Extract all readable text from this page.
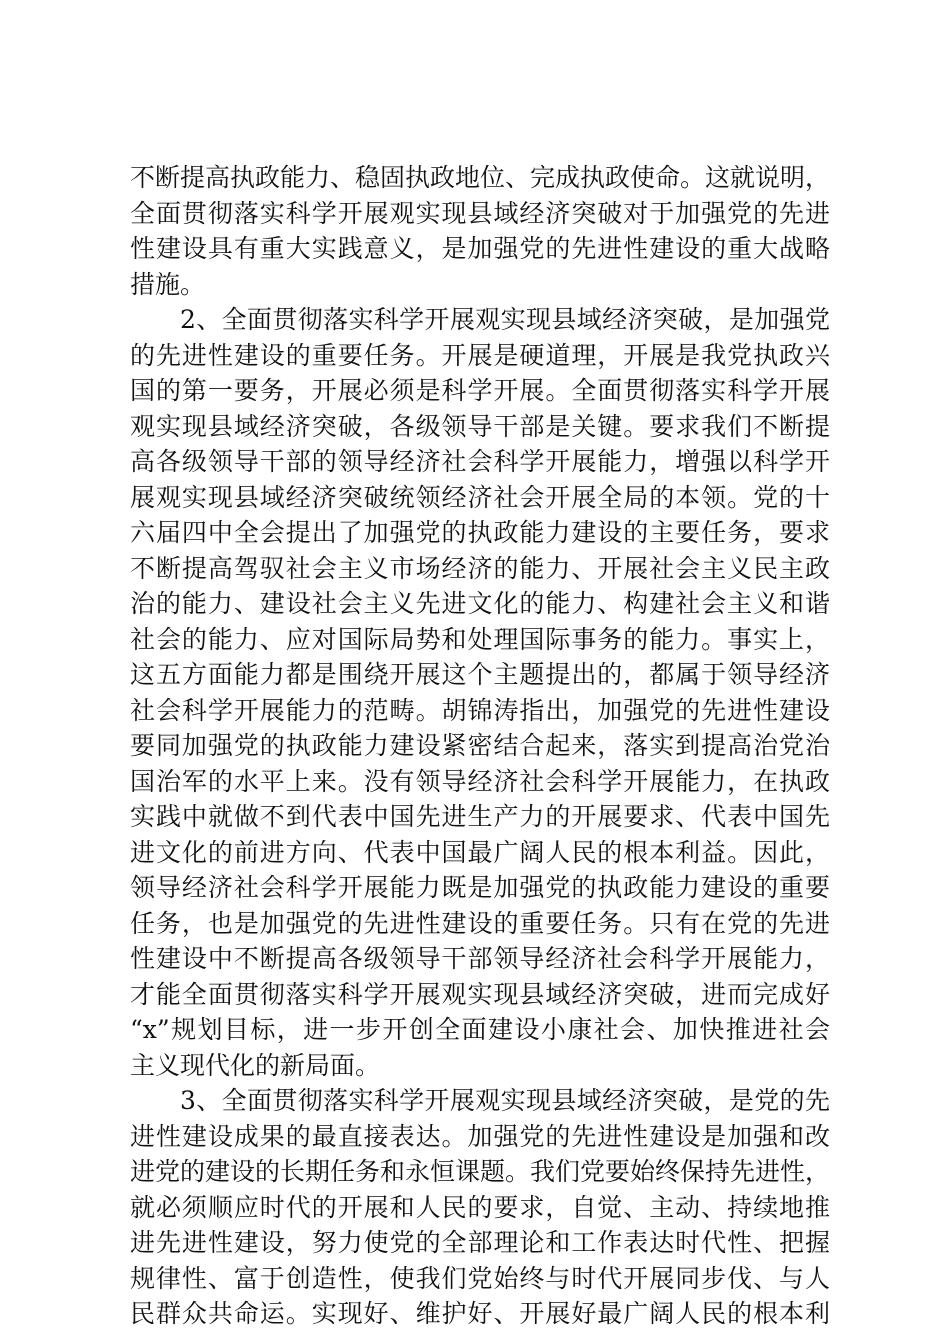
不断提高执政能力、稳固执政地位、完成执政使命。这就说明，
全面贯彻落实科学开展观实现县域经济突破对于加强党的先进
性建设具有重大实践意义，是加强党的先进性建设的重大战略
措施。
2、全面贯彻落实科学开展观实现县域经济突破，是加强党
的先进性建设的重要任务。开展是硬道理，开展是我党执政兴
国的第一要务，开展必须是科学开展。全面贯彻落实科学开展
观实现县域经济突破，各级领导干部是关键。要求我们不断提
高各级领导干部的领导经济社会科学开展能力，增强以科学开
展观实现县域经济突破统领经济社会开展全局的本领。党的十
六届四中全会提出了加强党的执政能力建设的主要任务，要求
不断提高驾驭社会主义市场经济的能力、开展社会主义民主政
治的能力、建设社会主义先进文化的能力、构建社会主义和谐
社会的能力、应对国际局势和处理国际事务的能力。事实上，
这五方面能力都是围绕开展这个主题提出的，都属于领导经济
社会科学开展能力的范畴。胡锦涛指出，加强党的先进性建设
要同加强党的执政能力建设紧密结合起来，落实到提高治党治
国治军的水平上来。没有领导经济社会科学开展能力，在执政
实践中就做不到代表中国先进生产力的开展要求、代表中国先
进文化的前进方向、代表中国最广阔人民的根本利益。因此，
领导经济社会科学开展能力既是加强党的执政能力建设的重要
任务，也是加强党的先进性建设的重要任务。只有在党的先进
性建设中不断提高各级领导干部领导经济社会科学开展能力，
才能全面贯彻落实科学开展观实现县域经济突破，进而完成好
“x”规划目标，进一步开创全面建设小康社会、加快推进社会
主义现代化的新局面。
3、全面贯彻落实科学开展观实现县域经济突破，是党的先
进性建设成果的最直接表达。加强党的先进性建设是加强和改
进党的建设的长期任务和永恒课题。我们党要始终保持先进性，
就必须顺应时代的开展和人民的要求，自觉、主动、持续地推
进先进性建设，努力使党的全部理论和工作表达时代性、把握
规律性、富于创造性，使我们党始终与时代开展同步伐、与人
民群众共命运。实现好、维护好、开展好最广阔人民的根本利
